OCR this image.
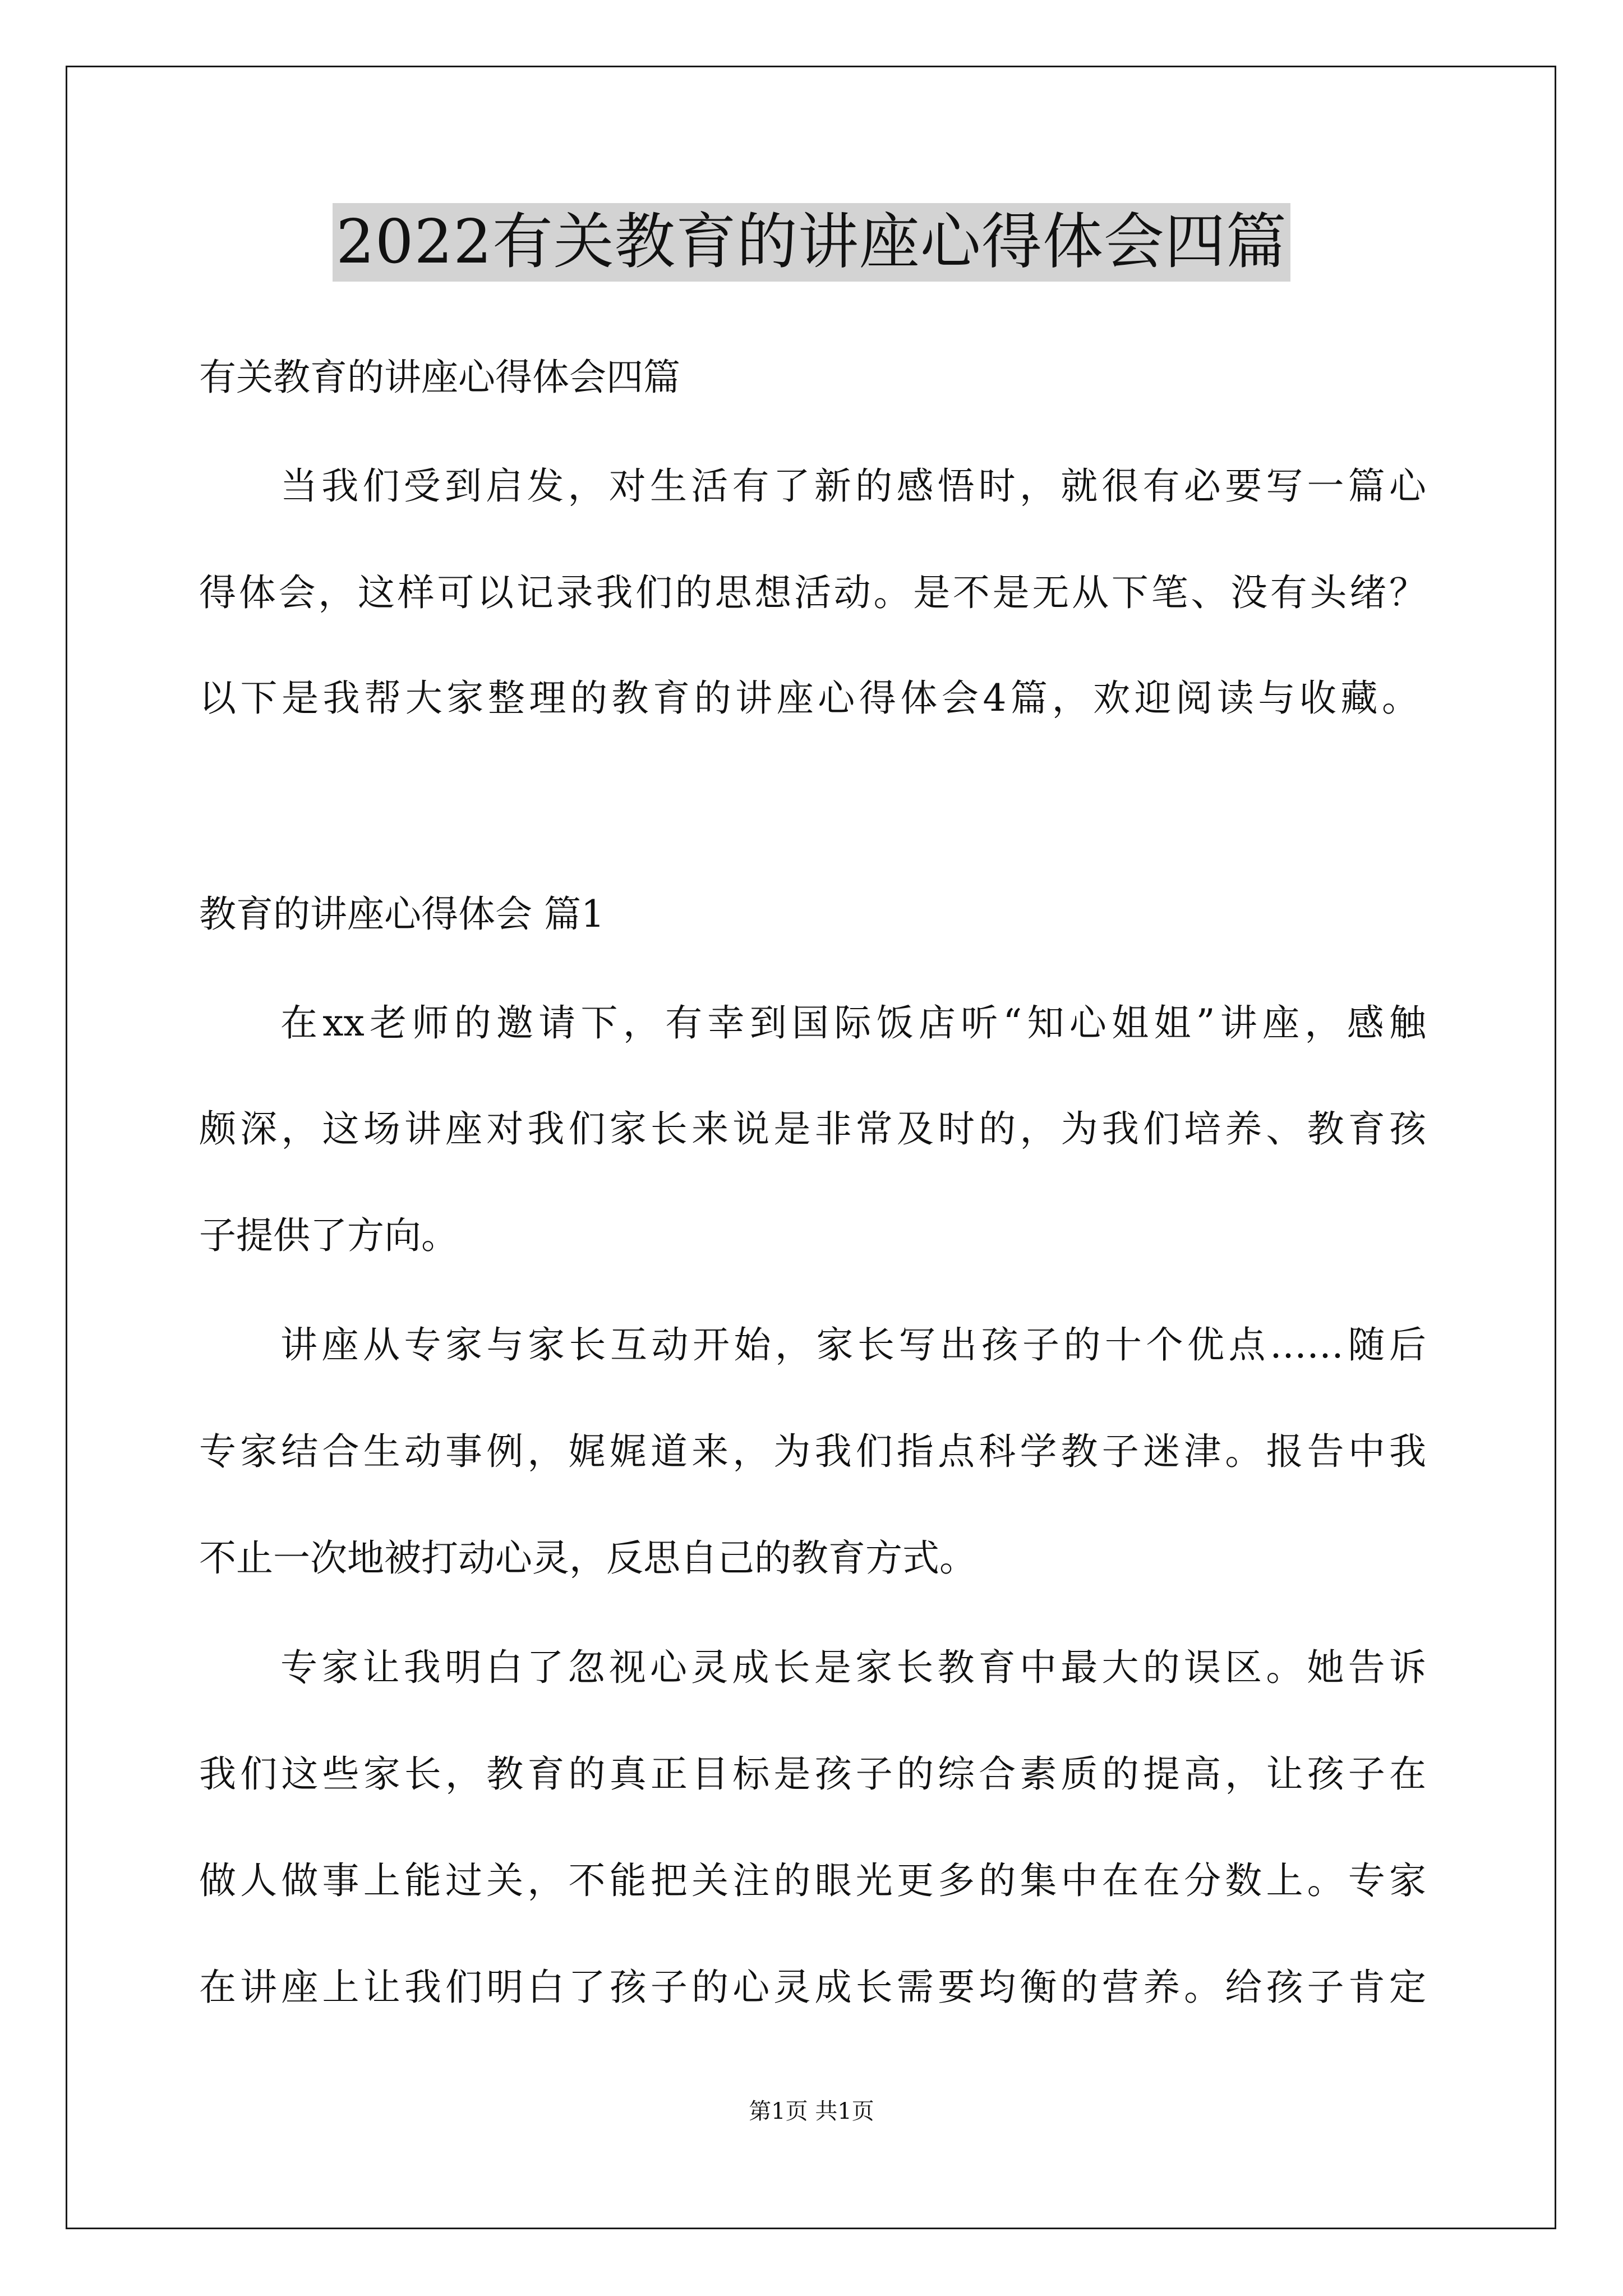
2022有关教育的讲座心得体会四篇
有关教育的讲座心得体会四篇
当我们受到启发，对生活有了新的感悟时，就很有必要写一篇心
得体会，这样可以记录我们的思想活动。是不是无从下笔、没有头绪？
以下是我帮大家整理的教育的讲座心得体会4篇，欢迎阅读与收藏。
教育的讲座心得体会 篇1
在xx老师的邀请下，有幸到国际饭店听“知心姐姐”讲座，感触
颇深，这场讲座对我们家长来说是非常及时的，为我们培养、教育孩
子提供了方向。
讲座从专家与家长互动开始，家长写出孩子的十个优点……随后
专家结合生动事例，娓娓道来，为我们指点科学教子迷津。报告中我
不止一次地被打动心灵，反思自己的教育方式。
专家让我明白了忽视心灵成长是家长教育中最大的误区。她告诉
我们这些家长，教育的真正目标是孩子的综合素质的提高，让孩子在
做人做事上能过关，不能把关注的眼光更多的集中在在分数上。专家
在讲座上让我们明白了孩子的心灵成长需要均衡的营养。给孩子肯定
第1页 共1页
